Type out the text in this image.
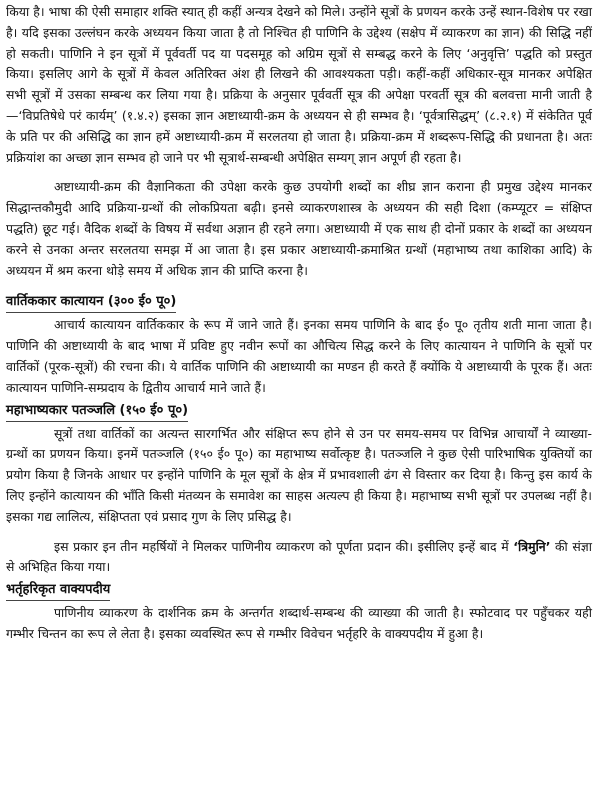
किया है। भाषा की ऐसी समाहार शक्ति स्यात् ही कहीं अन्यत्र देखने को मिले। उन्होंने सूत्रों के प्रणयन करके उन्हें स्थान-विशेष पर रखा है। यदि इसका उल्लंघन करके अध्ययन किया जाता है तो निश्चित ही पाणिनि के उद्देश्य (सक्षेप में व्याकरण का ज्ञान) की सिद्धि नहीं हो सकती। पाणिनि ने इन सूत्रों में पूर्ववर्ती पद या पदसमूह को अग्रिम सूत्रों से सम्बद्ध करने के लिए ‘अनुवृत्ति’ पद्धति को प्रस्तुत किया। इसलिए आगे के सूत्रों में केवल अतिरिक्त अंश ही लिखने की आवश्यकता पड़ी। कहीं-कहीं अधिकार-सूत्र मानकर अपेक्षित सभी सूत्रों में उसका सम्बन्ध कर लिया गया है। प्रक्रिया के अनुसार पूर्ववर्ती सूत्र की अपेक्षा परवर्ती सूत्र की बलवत्ता मानी जाती है—‘विप्रतिषेधे परं कार्यम्’ (१.४.२) इसका ज्ञान अष्टाध्यायी-क्रम के अध्ययन से ही सम्भव है। ‘पूर्वत्रासिद्धम्’ (८.२.१) में संकेतित पूर्व के प्रति पर की असिद्धि का ज्ञान हमें अष्टाध्यायी-क्रम में सरलतया हो जाता है। प्रक्रिया-क्रम में शब्दरूप-सिद्धि की प्रधानता है। अतः प्रक्रियांश का अच्छा ज्ञान सम्भव हो जाने पर भी सूत्रार्थ-सम्बन्धी अपेक्षित सम्यग् ज्ञान अपूर्ण ही रहता है।

अष्टाध्यायी-क्रम की वैज्ञानिकता की उपेक्षा करके कुछ उपयोगी शब्दों का शीघ्र ज्ञान कराना ही प्रमुख उद्देश्य मानकर सिद्धान्तकौमुदी आदि प्रक्रिया-ग्रन्थों की लोकप्रियता बढ़ी। इनसे व्याकरणशास्त्र के अध्ययन की सही दिशा (कम्प्यूटर = संक्षिप्त पद्धति) छूट गई। वैदिक शब्दों के विषय में सर्वथा अज्ञान ही रहने लगा। अष्टाध्यायी में एक साथ ही दोनों प्रकार के शब्दों का अध्ययन करने से उनका अन्तर सरलतया समझ में आ जाता है। इस प्रकार अष्टाध्यायी-क्रमाश्रित ग्रन्थों (महाभाष्य तथा काशिका आदि) के अध्ययन में श्रम करना थोड़े समय में अधिक ज्ञान की प्राप्ति करना है।

वार्तिककार कात्यायन (३०० ई० पू०)

आचार्य कात्यायन वार्तिककार के रूप में जाने जाते हैं। इनका समय पाणिनि के बाद ई० पू० तृतीय शती माना जाता है। पाणिनि की अष्टाध्यायी के बाद भाषा में प्रविष्ट हुए नवीन रूपों का औचित्य सिद्ध करने के लिए कात्यायन ने पाणिनि के सूत्रों पर वार्तिकों (पूरक-सूत्रों) की रचना की। ये वार्तिक पाणिनि की अष्टाध्यायी का मण्डन ही करते हैं क्योंकि ये अष्टाध्यायी के पूरक हैं। अतः कात्यायन पाणिनि-सम्प्रदाय के द्वितीय आचार्य माने जाते हैं।

महाभाष्यकार पतञ्जलि (१५० ई० पू०)

सूत्रों तथा वार्तिकों का अत्यन्त सारगर्भित और संक्षिप्त रूप होने से उन पर समय-समय पर विभिन्न आचार्यों ने व्याख्या-ग्रन्थों का प्रणयन किया। इनमें पतञ्जलि (१५० ई० पू०) का महाभाष्य सर्वोत्कृष्ट है। पतञ्जलि ने कुछ ऐसी पारिभाषिक युक्तियों का प्रयोग किया है जिनके आधार पर इन्होंने पाणिनि के मूल सूत्रों के क्षेत्र में प्रभावशाली ढंग से विस्तार कर दिया है। किन्तु इस कार्य के लिए इन्होंने कात्यायन की भाँति किसी मंतव्यन के समावेश का साहस अत्यल्प ही किया है। महाभाष्य सभी सूत्रों पर उपलब्ध नहीं है। इसका गद्य लालित्य, संक्षिप्तता एवं प्रसाद गुण के लिए प्रसिद्ध है।

इस प्रकार इन तीन महर्षियों ने मिलकर पाणिनीय व्याकरण को पूर्णता प्रदान की। इसीलिए इन्हें बाद में ‘त्रिमुनि’ की संज्ञा से अभिहित किया गया।

भर्तृहरिकृत वाक्यपदीय

पाणिनीय व्याकरण के दार्शनिक क्रम के अन्तर्गत शब्दार्थ-सम्बन्ध की व्याख्या की जाती है। स्फोटवाद पर पहुँचकर यही गम्भीर चिन्तन का रूप ले लेता है। इसका व्यवस्थित रूप से गम्भीर विवेचन भर्तृहरि के वाक्यपदीय में हुआ है।
